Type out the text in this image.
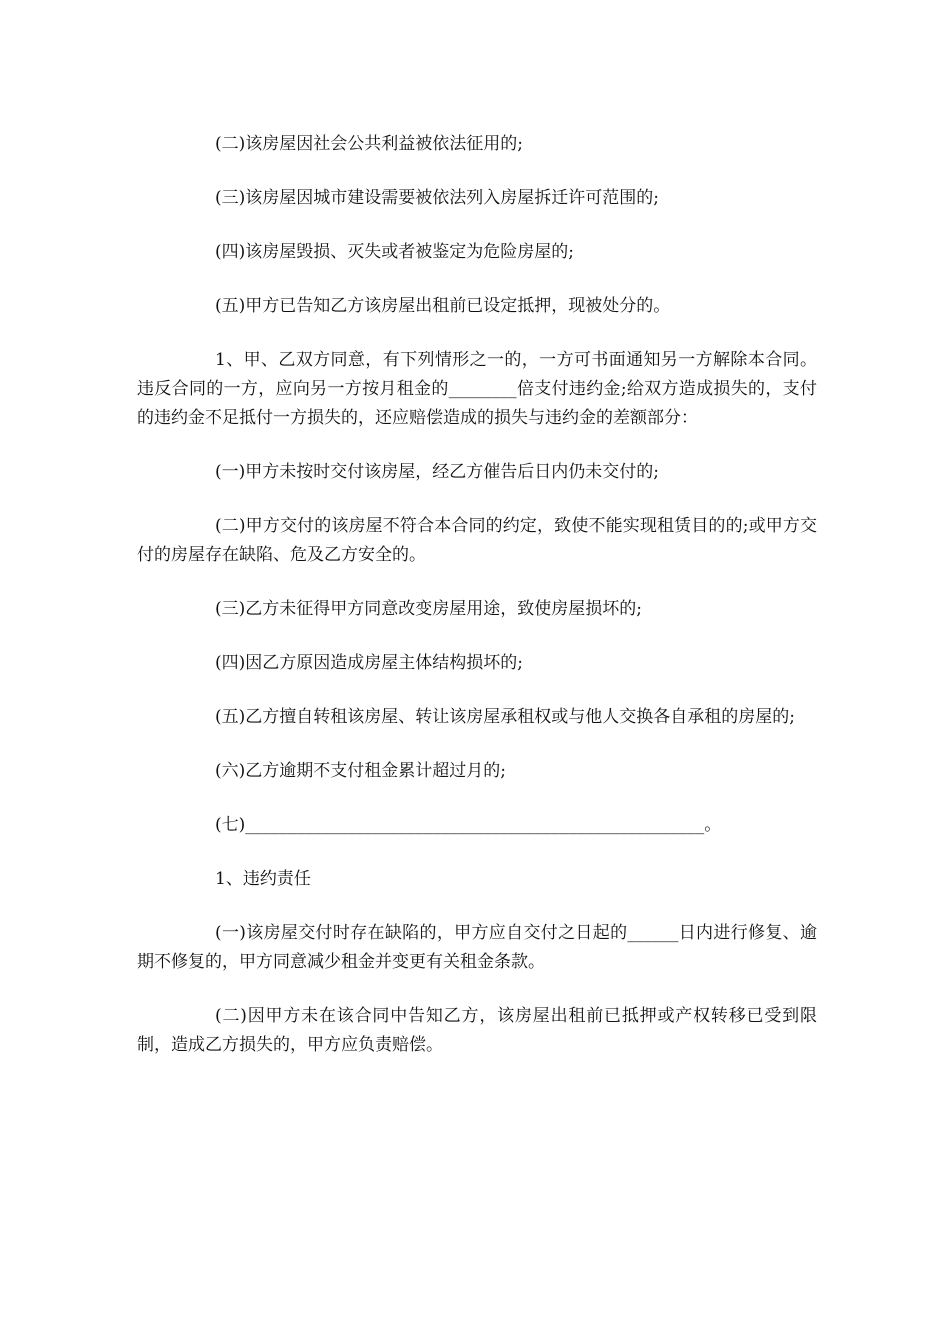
(二)该房屋因社会公共利益被依法征用的;

(三)该房屋因城市建设需要被依法列入房屋拆迁许可范围的;

(四)该房屋毁损、灭失或者被鉴定为危险房屋的;

(五)甲方已告知乙方该房屋出租前已设定抵押，现被处分的。

1、甲、乙双方同意，有下列情形之一的，一方可书面通知另一方解除本合同。违反合同的一方，应向另一方按月租金的________倍支付违约金;给双方造成损失的，支付的违约金不足抵付一方损失的，还应赔偿造成的损失与违约金的差额部分：

(一)甲方未按时交付该房屋，经乙方催告后日内仍未交付的;

(二)甲方交付的该房屋不符合本合同的约定，致使不能实现租赁目的的;或甲方交付的房屋存在缺陷、危及乙方安全的。

(三)乙方未征得甲方同意改变房屋用途，致使房屋损坏的;

(四)因乙方原因造成房屋主体结构损坏的;

(五)乙方擅自转租该房屋、转让该房屋承租权或与他人交换各自承租的房屋的;

(六)乙方逾期不支付租金累计超过月的;

(七)______________________________________________________。

1、违约责任

(一)该房屋交付时存在缺陷的，甲方应自交付之日起的______日内进行修复、逾期不修复的，甲方同意减少租金并变更有关租金条款。

(二)因甲方未在该合同中告知乙方，该房屋出租前已抵押或产权转移已受到限制，造成乙方损失的，甲方应负责赔偿。
